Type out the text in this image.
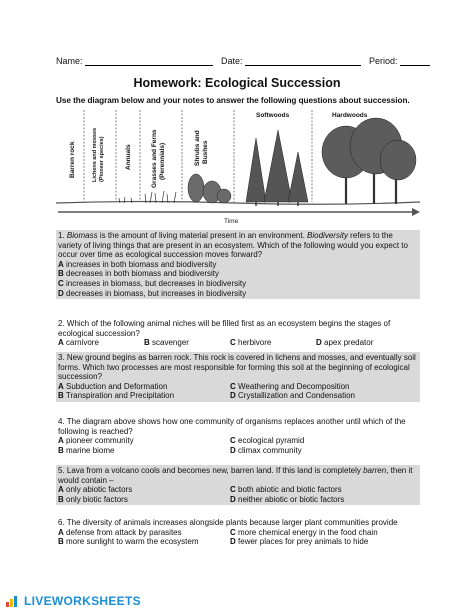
Name:	Date:	Period:
Homework: Ecological Succession
Use the diagram below and your notes to answer the following questions about succession.
Barren rock	Lichens and mosses (Pioneer species)	Annuals	Grasses and Ferns (Perennials)	Shrubs and Bushes
Softwoods	Hardwoods
Time
1. Biomass is the amount of living material present in an environment. Biodiversity refers to the variety of living things that are present in an ecosystem. Which of the following would you expect to occur over time as ecological succession moves forward?
A increases in both biomass and biodiversity
B decreases in both biomass and biodiversity
C increases in biomass, but decreases in biodiversity
D decreases in biomass, but increases in biodiversity
2. Which of the following animal niches will be filled first as an ecosystem begins the stages of ecological succession?
A carnivore	B scavenger	C herbivore	D apex predator
3. New ground begins as barren rock. This rock is covered in lichens and mosses, and eventually soil forms. Which two processes are most responsible for forming this soil at the beginning of ecological succession?
A Subduction and Deformation	C Weathering and Decomposition
B Transpiration and Precipitation	D Crystallization and Condensation
4. The diagram above shows how one community of organisms replaces another until which of the following is reached?
A pioneer community	C ecological pyramid
B marine biome	D climax community
5. Lava from a volcano cools and becomes new, barren land. If this land is completely barren, then it would contain –
A only abiotic factors	C both abiotic and biotic factors
B only biotic factors	D neither abiotic or biotic factors
6. The diversity of animals increases alongside plants because larger plant communities provide
A defense from attack by parasites	C more chemical energy in the food chain
B more sunlight to warm the ecosystem	D fewer places for prey animals to hide
LIVEWORKSHEETS
